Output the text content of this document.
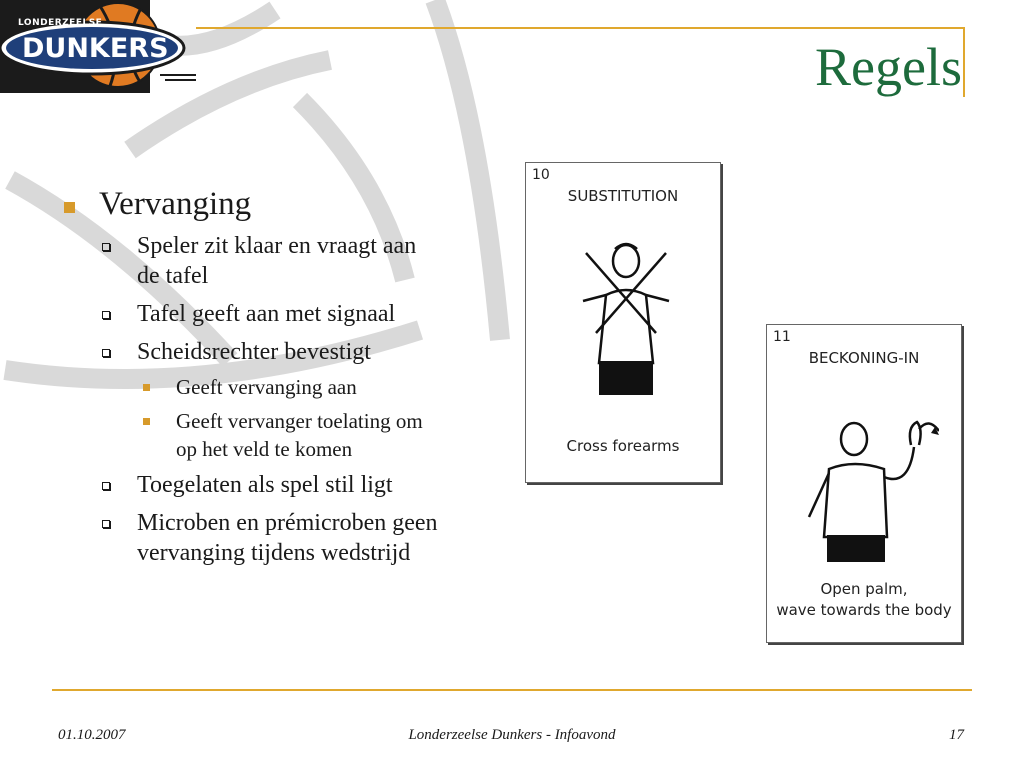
LONDERZEELSE
DUNKERS	Regels
Vervanging
Speler zit klaar en vraagt aan
de tafel
Tafel geeft aan met signaal
Scheidsrechter bevestigt
Geeft vervanging aan
Geeft vervanger toelating om
op het veld te komen
Toegelaten als spel stil ligt
Microben en prémicroben geen
vervanging tijdens wedstrijd
10
SUBSTITUTION
Cross forearms
11
BECKONING-IN
Open palm,
wave towards the body
01.10.2007	Londerzeelse Dunkers - Infoavond	17
